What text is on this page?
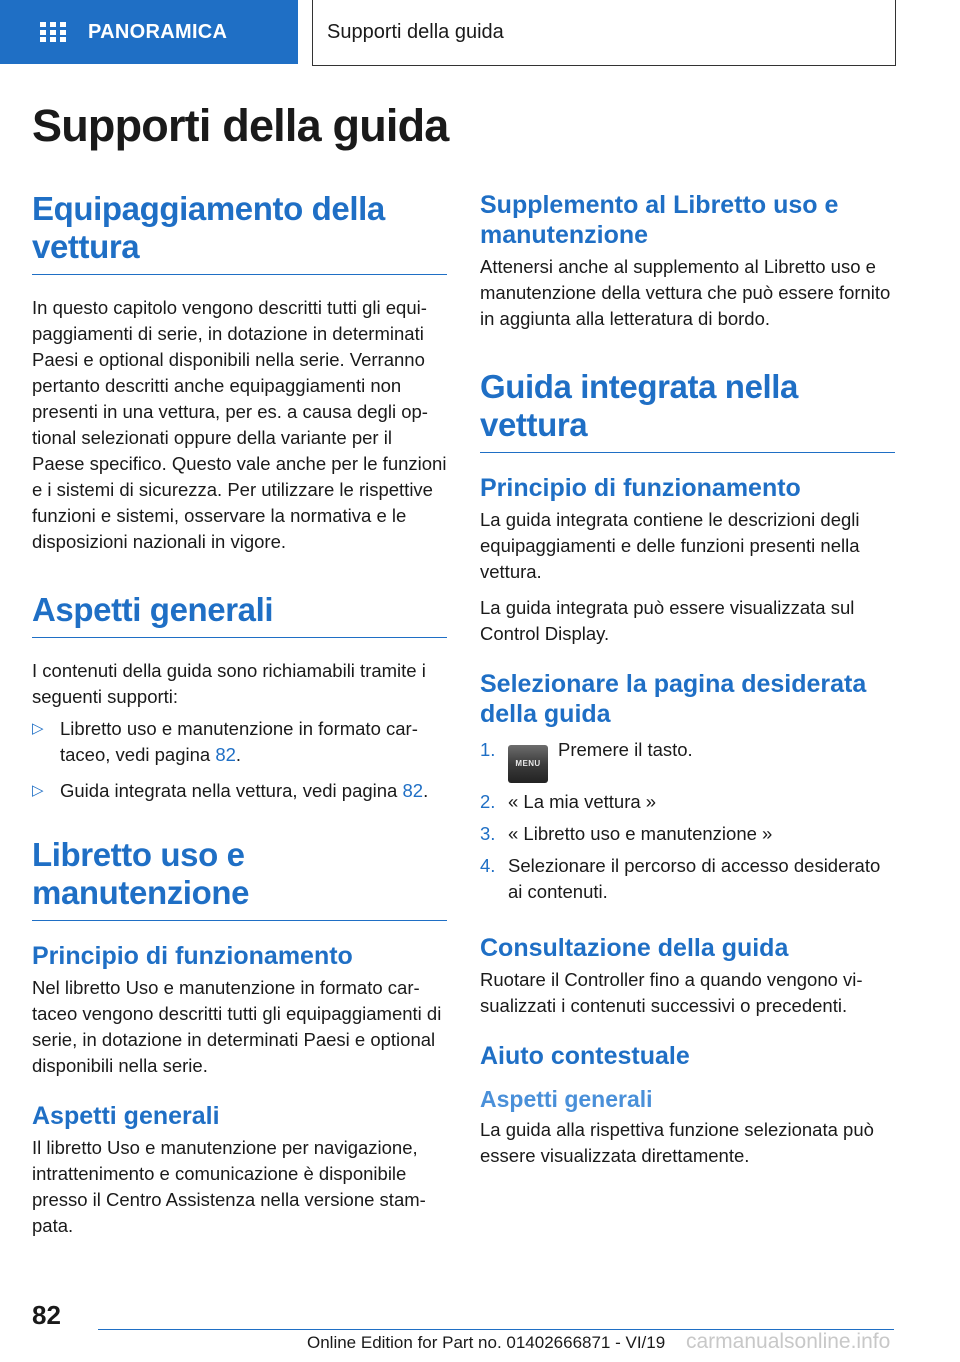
PANORAMICA	Supporti della guida
Supporti della guida
Equipaggiamento della vettura

In questo capitolo vengono descritti tutti gli equipaggiamenti di serie, in dotazione in determinati Paesi e optional disponibili nella serie. Verranno pertanto descritti anche equipaggiamenti non presenti in una vettura, per es. a causa degli optional selezionati oppure della variante per il Paese specifico. Questo vale anche per le funzioni e i sistemi di sicurezza. Per utilizzare le rispettive funzioni e sistemi, osservare la normativa e le disposizioni nazionali in vigore.

Aspetti generali

I contenuti della guida sono richiamabili tramite i seguenti supporti:

▷ Libretto uso e manutenzione in formato cartaceo, vedi pagina 82.
▷ Guida integrata nella vettura, vedi pagina 82.
Libretto uso e manutenzione
Principio di funzionamento

Nel libretto Uso e manutenzione in formato cartaceo vengono descritti tutti gli equipaggiamenti di serie, in dotazione in determinati Paesi e optional disponibili nella serie.

Aspetti generali

Il libretto Uso e manutenzione per navigazione, intrattenimento e comunicazione è disponibile presso il Centro Assistenza nella versione stampata.

Supplemento al Libretto uso e manutenzione

Attenersi anche al supplemento al Libretto uso e manutenzione della vettura che può essere fornito in aggiunta alla letteratura di bordo.

Guida integrata nella vettura
Principio di funzionamento

La guida integrata contiene le descrizioni degli equipaggiamenti e delle funzioni presenti nella vettura.

La guida integrata può essere visualizzata sul Control Display.

Selezionare la pagina desiderata della guida
1.
MENUPremere il tasto.
2. « La mia vettura »
3. « Libretto uso e manutenzione »
4. Selezionare il percorso di accesso desiderato ai contenuti.
Consultazione della guida

Ruotare il Controller fino a quando vengono visualizzati i contenuti successivi o precedenti.

Aiuto contestuale
Aspetti generali

La guida alla rispettiva funzione selezionata può essere visualizzata direttamente.

82
Online Edition for Part no. 01402666871 - VI/19 carmanualsonline.info
